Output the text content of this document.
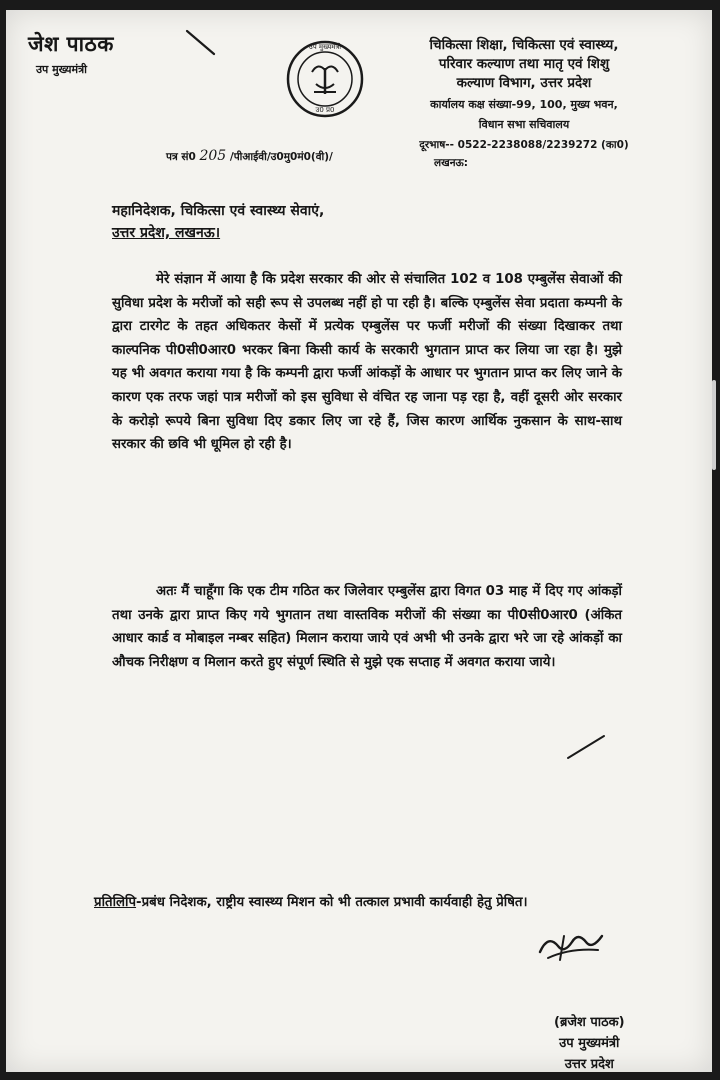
जेश पाठक
उप मुख्यमंत्री
उप मुख्यमंत्री
उ0 प्र0
चिकित्सा शिक्षा, चिकित्सा एवं स्वास्थ्य,
परिवार कल्याण तथा मातृ एवं शिशु
कल्याण विभाग, उत्तर प्रदेश
कार्यालय कक्ष संख्या-99, 100, मुख्य भवन,
विधान सभा सचिवालय
दूरभाष-- 0522-2238088/2239272 (का0)
लखनऊ:
पत्र सं0 205 /पीआईवी/उ0मु0मं0(वी)/
महानिदेशक, चिकित्सा एवं स्वास्थ्य सेवाएं,
उत्तर प्रदेश, लखनऊ।
मेरे संज्ञान में आया है कि प्रदेश सरकार की ओर से संचालित 102 व 108 एम्बुलेंस सेवाओं की सुविधा प्रदेश के मरीजों को सही रूप से उपलब्ध नहीं हो पा रही है। बल्कि एम्बुलेंस सेवा प्रदाता कम्पनी के द्वारा टारगेट के तहत अधिकतर केसों में प्रत्येक एम्बुलेंस पर फर्जी मरीजों की संख्या दिखाकर तथा काल्पनिक पी0सी0आर0 भरकर बिना किसी कार्य के सरकारी भुगतान प्राप्त कर लिया जा रहा है। मुझे यह भी अवगत कराया गया है कि कम्पनी द्वारा फर्जी आंकड़ों के आधार पर भुगतान प्राप्त कर लिए जाने के कारण एक तरफ जहां पात्र मरीजों को इस सुविधा से वंचित रह जाना पड़ रहा है, वहीं दूसरी ओर सरकार के करोड़ो रूपये बिना सुविधा दिए डकार लिए जा रहे हैं, जिस कारण आर्थिक नुकसान के साथ-साथ सरकार की छवि भी धूमिल हो रही है।
अतः मैं चाहूँगा कि एक टीम गठित कर जिलेवार एम्बुलेंस द्वारा विगत 03 माह में दिए गए आंकड़ों तथा उनके द्वारा प्राप्त किए गये भुगतान तथा वास्तविक मरीजों की संख्या का पी0सी0आर0 (अंकित आधार कार्ड व मोबाइल नम्बर सहित) मिलान कराया जाये एवं अभी भी उनके द्वारा भरे जा रहे आंकड़ों का औचक निरीक्षण व मिलान करते हुए संपूर्ण स्थिति से मुझे एक सप्ताह में अवगत कराया जाये।
प्रतिलिपि-प्रबंध निदेशक, राष्ट्रीय स्वास्थ्य मिशन को भी तत्काल प्रभावी कार्यवाही हेतु प्रेषित।
(ब्रजेश पाठक)
उप मुख्यमंत्री
उत्तर प्रदेश
